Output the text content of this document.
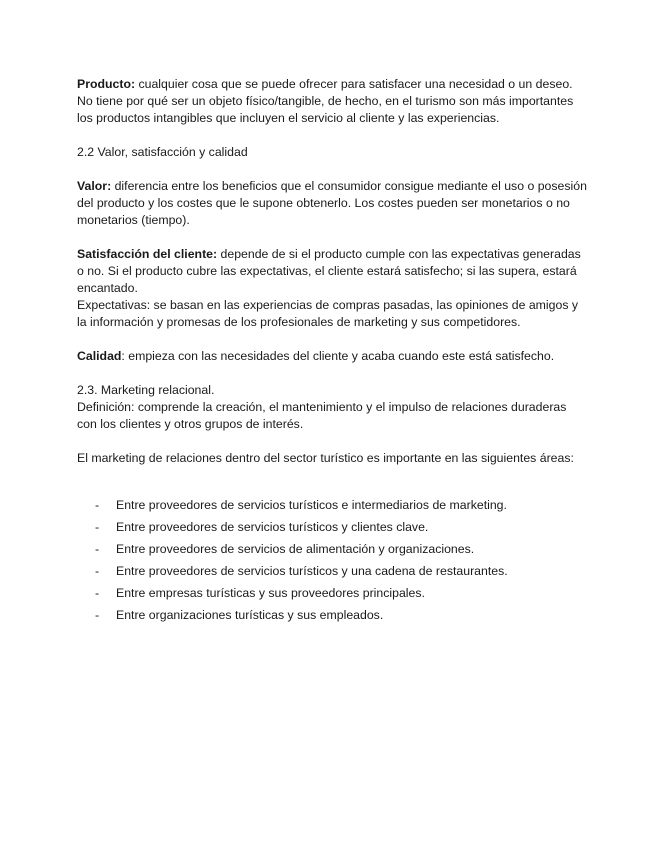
Producto: cualquier cosa que se puede ofrecer para satisfacer una necesidad o un deseo. No tiene por qué ser un objeto físico/tangible, de hecho, en el turismo son más importantes los productos intangibles que incluyen el servicio al cliente y las experiencias.

2.2 Valor, satisfacción y calidad

Valor: diferencia entre los beneficios que el consumidor consigue mediante el uso o posesión del producto y los costes que le supone obtenerlo. Los costes pueden ser monetarios o no monetarios (tiempo).

Satisfacción del cliente: depende de si el producto cumple con las expectativas generadas o no. Si el producto cubre las expectativas, el cliente estará satisfecho; si las supera, estará encantado.

Expectativas: se basan en las experiencias de compras pasadas, las opiniones de amigos y la información y promesas de los profesionales de marketing y sus competidores.

Calidad: empieza con las necesidades del cliente y acaba cuando este está satisfecho.

2.3. Marketing relacional.

Definición: comprende la creación, el mantenimiento y el impulso de relaciones duraderas con los clientes y otros grupos de interés.

El marketing de relaciones dentro del sector turístico es importante en las siguientes áreas:

- Entre proveedores de servicios turísticos e intermediarios de marketing.
- Entre proveedores de servicios turísticos y clientes clave.
- Entre proveedores de servicios de alimentación y organizaciones.
- Entre proveedores de servicios turísticos y una cadena de restaurantes.
- Entre empresas turísticas y sus proveedores principales.
- Entre organizaciones turísticas y sus empleados.
